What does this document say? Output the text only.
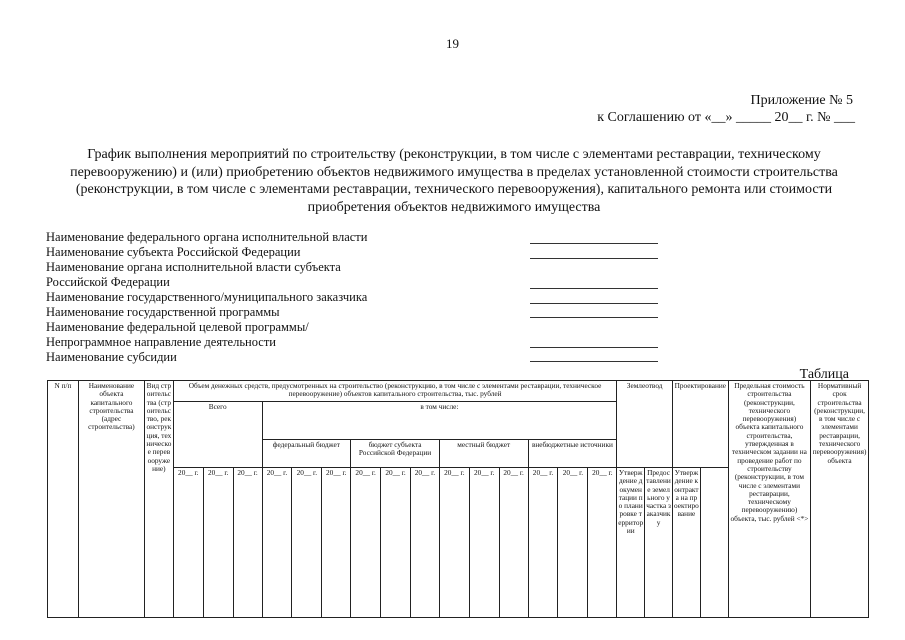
19
Приложение № 5
к Соглашению от «__» _____ 20__ г. № ___
График выполнения мероприятий по строительству (реконструкции, в том числе с элементами реставрации, техническому перевооружению) и (или) приобретению объектов недвижимого имущества в пределах установленной стоимости строительства (реконструкции, в том числе с элементами реставрации, технического перевооружения), капитального ремонта или стоимости приобретения объектов недвижимого имущества
Наименование федерального органа исполнительной власти
Наименование субъекта Российской Федерации
Наименование органа исполнительной власти субъекта
Российской Федерации
Наименование государственного/муниципального заказчика
Наименование государственной программы
Наименование федеральной целевой программы/
Непрограммное направление деятельности
Наименование субсидии
Таблица
N п/п	Наименование объекта капитального строительства (адрес строительства)	Вид строительства (строительство, реконструкция, техническое перевооружение)	Объем денежных средств, предусмотренных на строительство (реконструкцию, в том числе с элементами реставрации, техническое перевооружение) объектов капитального строительства, тыс. рублей															Землеотвод		Проектирование		Предельная стоимость строительства (реконструкции, технического перевооружения) объекта капитального строительства, утвержденная в техническом задании на проведение работ по строительству (реконструкции, в том числе с элементами реставрации, техническому перевооружению) объекта, тыс. рублей <*>	Нормативный срок строительства (реконструкции, в том числе с элементами реставрации, технического перевооружения) объекта
			Всего			в том числе:																	
						федеральный бюджет			бюджет субъекта Российской Федерации			местный бюджет			внебюджетные источники								
			20__ г.	20__ г.	20__ г.	20__ г.	20__ г.	20__ г.	20__ г.	20__ г.	20__ г.	20__ г.	20__ г.	20__ г.	20__ г.	20__ г.	20__ г.	Утверждение документации по планировке территории	Предоставление земельного участка заказчику	Утверждение контракта на проектирование			
